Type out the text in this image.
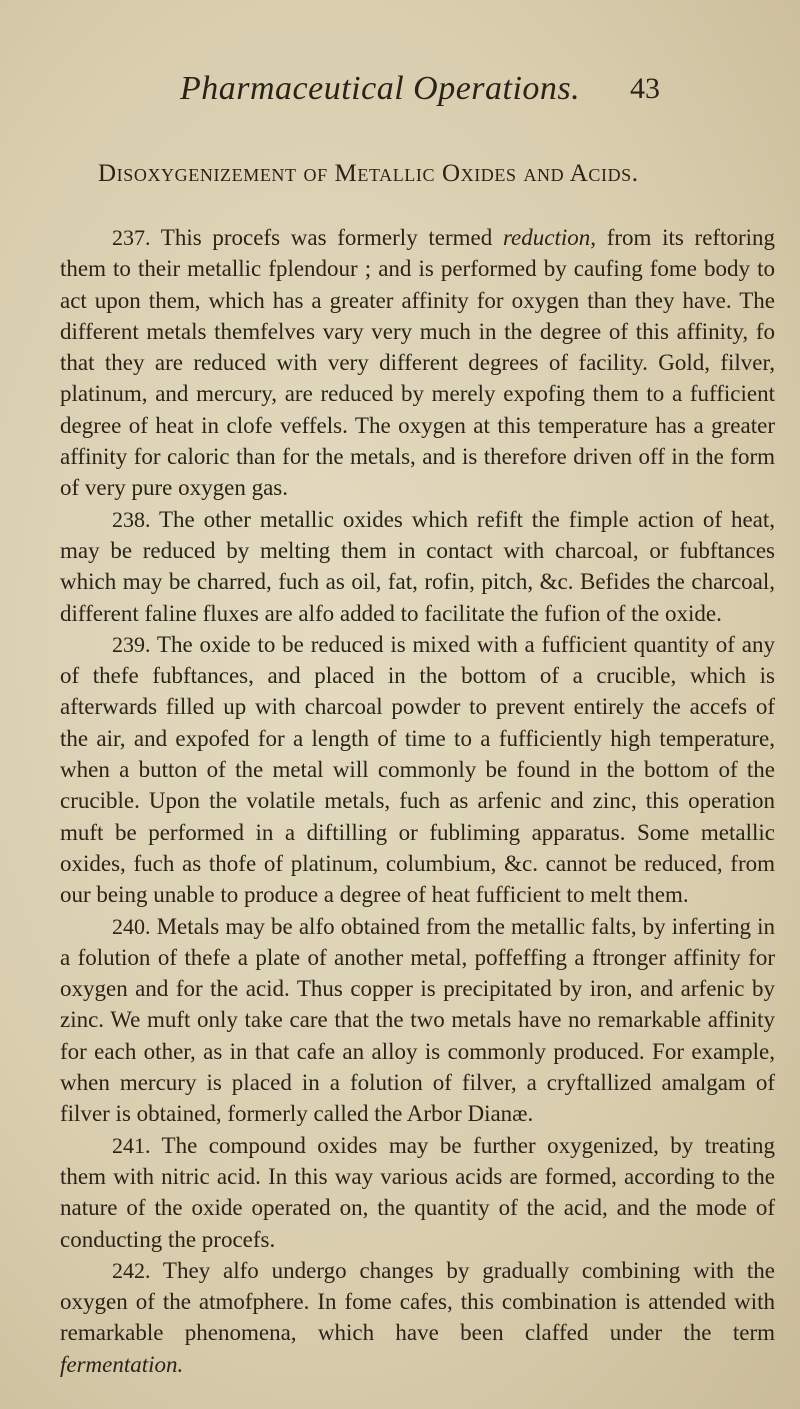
Pharmaceutical Operations. 43
Disoxygenizement of Metallic Oxides and Acids.

237. This procefs was formerly termed reduction, from its reftoring them to their metallic fplendour ; and is performed by caufing fome body to act upon them, which has a greater affinity for oxygen than they have. The different metals themfelves vary very much in the degree of this affinity, fo that they are reduced with very different degrees of facility. Gold, filver, platinum, and mercury, are reduced by merely expofing them to a fufficient degree of heat in clofe veffels. The oxygen at this temperature has a greater affinity for caloric than for the metals, and is therefore driven off in the form of very pure oxygen gas.

238. The other metallic oxides which refift the fimple action of heat, may be reduced by melting them in contact with charcoal, or fubftances which may be charred, fuch as oil, fat, rofin, pitch, &c. Befides the charcoal, different faline fluxes are alfo added to facilitate the fufion of the oxide.

239. The oxide to be reduced is mixed with a fufficient quantity of any of thefe fubftances, and placed in the bottom of a crucible, which is afterwards filled up with charcoal powder to prevent entirely the accefs of the air, and expofed for a length of time to a fufficiently high temperature, when a button of the metal will commonly be found in the bottom of the crucible. Upon the volatile metals, fuch as arfenic and zinc, this operation muft be performed in a diftilling or fubliming apparatus. Some metallic oxides, fuch as thofe of platinum, columbium, &c. cannot be reduced, from our being unable to produce a degree of heat fufficient to melt them.

240. Metals may be alfo obtained from the metallic falts, by inferting in a folution of thefe a plate of another metal, poffeffing a ftronger affinity for oxygen and for the acid. Thus copper is precipitated by iron, and arfenic by zinc. We muft only take care that the two metals have no remarkable affinity for each other, as in that cafe an alloy is commonly produced. For example, when mercury is placed in a folution of filver, a cryftallized amalgam of filver is obtained, formerly called the Arbor Dianæ.

241. The compound oxides may be further oxygenized, by treating them with nitric acid. In this way various acids are formed, according to the nature of the oxide operated on, the quantity of the acid, and the mode of conducting the procefs.

242. They alfo undergo changes by gradually combining with the oxygen of the atmofphere. In fome cafes, this combination is attended with remarkable phenomena, which have been claffed under the term fermentation.
